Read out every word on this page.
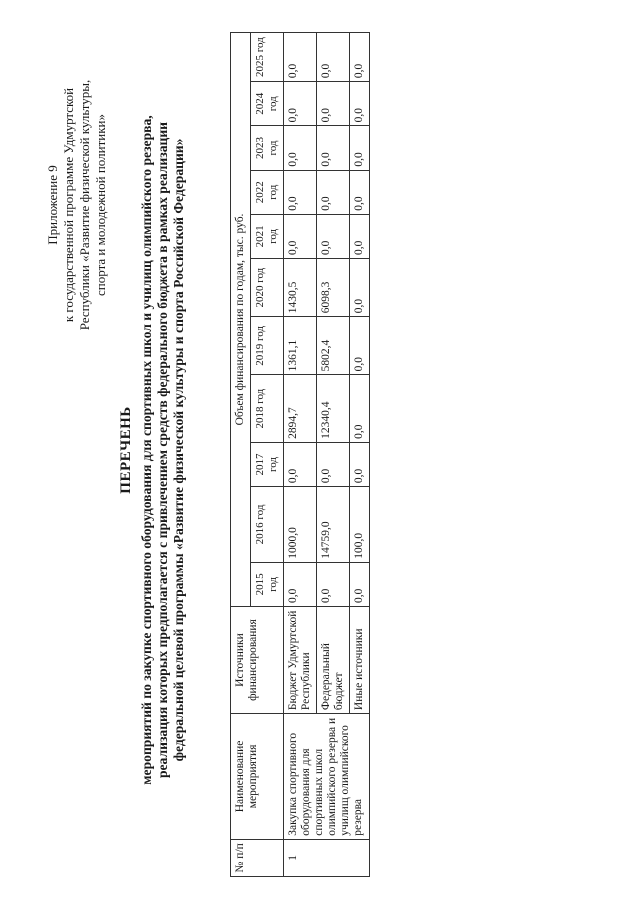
Приложение 9 к государственной программе Удмуртской Республики «Развитие физической культуры, спорта и молодежной политики»
ПЕРЕЧЕНЬ мероприятий по закупке спортивного оборудования для спортивных школ и училищ олимпийского резерва, реализация которых предполагается с привлечением средств федерального бюджета в рамках реализации федеральной целевой программы «Развитие физической культуры и спорта Российской Федерации»
№ п/п	Наименование мероприятия	Источники финансирования	Объем финансирования по годам, тыс. руб.										
			2015 год	2016 год	2017 год	2018 год	2019 год	2020 год	2021 год	2022 год	2023 год	2024 год	2025 год
1	Закупка спортивного оборудования для спортивных школ олимпийского резерва и училищ олимпийского резерва	Бюджет Удмуртской Республики	0,0	1000,0	0,0	2894,7	1361,1	1430,5	0,0	0,0	0,0	0,0	0,0
		Федеральный бюджет	0,0	14759,0	0,0	12340,4	5802,4	6098,3	0,0	0,0	0,0	0,0	0,0
		Иные источники	0,0	100,0	0,0	0,0	0,0	0,0	0,0	0,0	0,0	0,0	0,0
